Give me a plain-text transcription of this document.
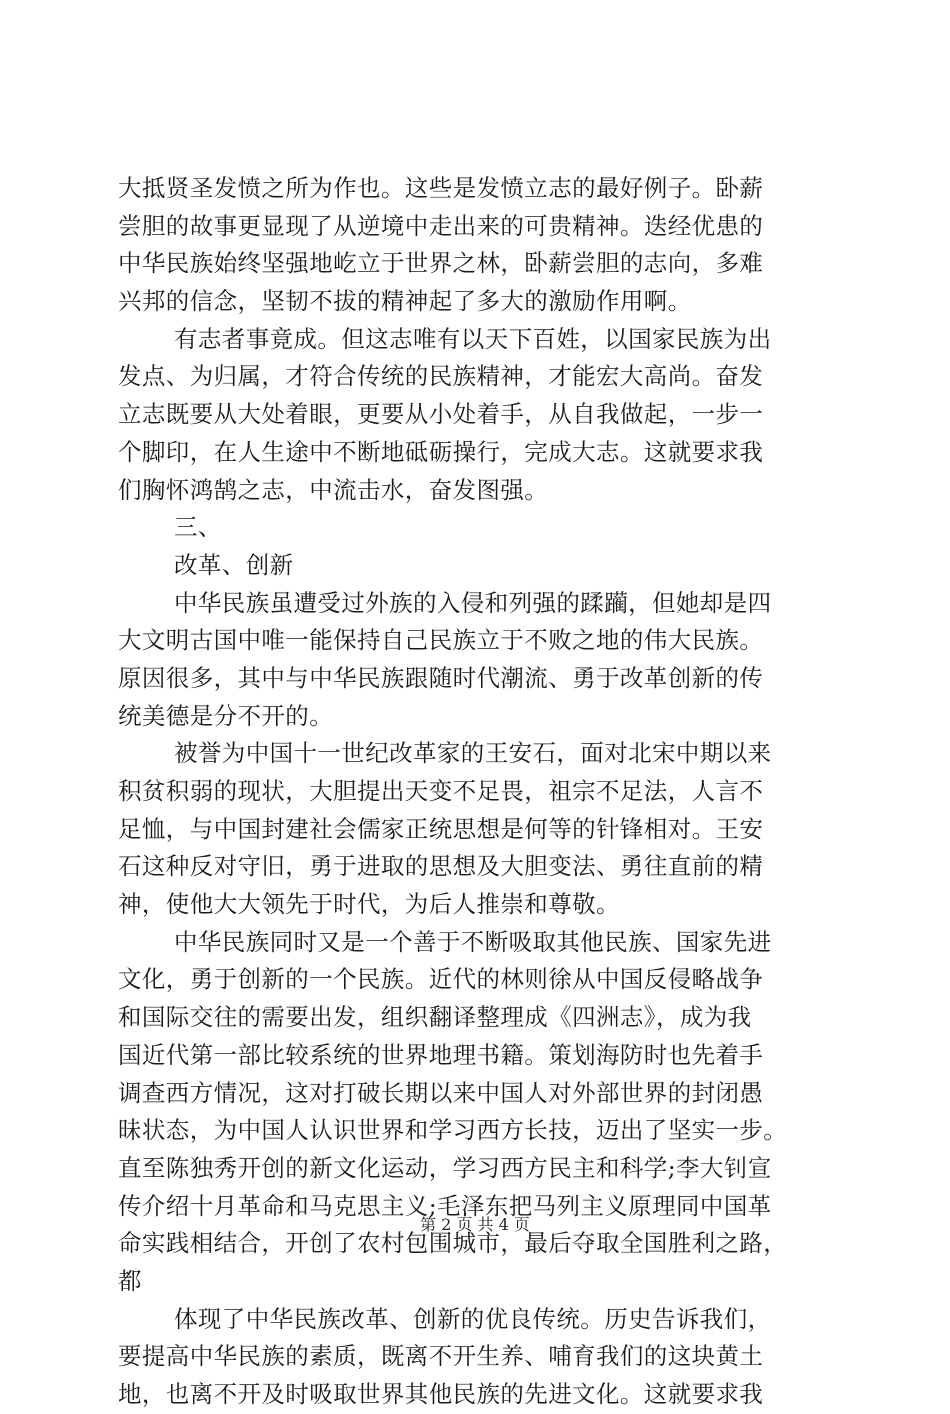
大抵贤圣发愤之所为作也。这些是发愤立志的最好例子。卧薪
尝胆的故事更显现了从逆境中走出来的可贵精神。迭经优患的
中华民族始终坚强地屹立于世界之林，卧薪尝胆的志向，多难
兴邦的信念，坚韧不拔的精神起了多大的激励作用啊。
有志者事竟成。但这志唯有以天下百姓，以国家民族为出
发点、为归属，才符合传统的民族精神，才能宏大高尚。奋发
立志既要从大处着眼，更要从小处着手，从自我做起，一步一
个脚印，在人生途中不断地砥砺操行，完成大志。这就要求我
们胸怀鸿鹄之志，中流击水，奋发图强。
三、
改革、创新
中华民族虽遭受过外族的入侵和列强的蹂躏，但她却是四
大文明古国中唯一能保持自己民族立于不败之地的伟大民族。
原因很多，其中与中华民族跟随时代潮流、勇于改革创新的传
统美德是分不开的。
被誉为中国十一世纪改革家的王安石，面对北宋中期以来
积贫积弱的现状，大胆提出天变不足畏，祖宗不足法，人言不
足恤，与中国封建社会儒家正统思想是何等的针锋相对。王安
石这种反对守旧，勇于进取的思想及大胆变法、勇往直前的精
神，使他大大领先于时代，为后人推崇和尊敬。
中华民族同时又是一个善于不断吸取其他民族、国家先进
文化，勇于创新的一个民族。近代的林则徐从中国反侵略战争
和国际交往的需要出发，组织翻译整理成《四洲志》，成为我
国近代第一部比较系统的世界地理书籍。策划海防时也先着手
调查西方情况，这对打破长期以来中国人对外部世界的封闭愚
昧状态，为中国人认识世界和学习西方长技，迈出了坚实一步。
直至陈独秀开创的新文化运动，学习西方民主和科学;李大钊宣
传介绍十月革命和马克思主义;毛泽东把马列主义原理同中国革
命实践相结合，开创了农村包围城市，最后夺取全国胜利之路，
都
体现了中华民族改革、创新的优良传统。历史告诉我们，
要提高中华民族的素质，既离不开生养、哺育我们的这块黄土
地，也离不开及时吸取世界其他民族的先进文化。这就要求我
第 2 页 共 4 页
